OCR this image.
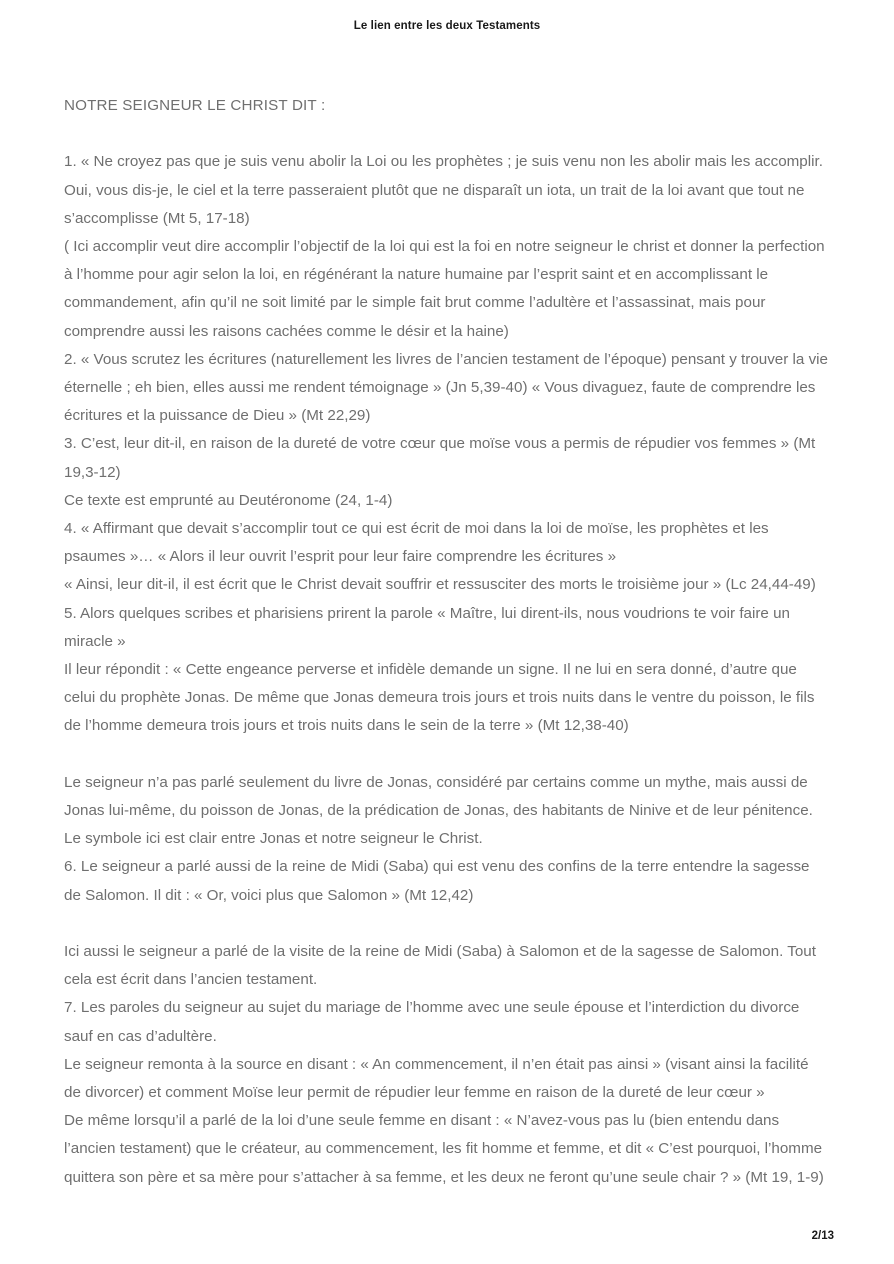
Le lien entre les deux Testaments

NOTRE SEIGNEUR LE CHRIST DIT :

1. « Ne croyez pas que je suis venu abolir la Loi ou les prophètes ; je suis venu non les abolir mais les accomplir. Oui, vous dis-je, le ciel et la terre passeraient plutôt que ne disparaît un iota, un trait de la loi avant que tout ne s’accomplisse (Mt 5, 17-18)

( Ici accomplir veut dire accomplir l’objectif de la loi qui est la foi en notre seigneur le christ et donner la perfection à l’homme pour agir selon la loi, en régénérant la nature humaine par l’esprit saint et en accomplissant le commandement, afin qu’il ne soit limité par le simple fait brut comme l’adultère et l’assassinat, mais pour comprendre aussi les raisons cachées comme le désir et la haine)

2. « Vous scrutez les écritures (naturellement les livres de l’ancien testament de l’époque) pensant y trouver la vie éternelle ; eh bien, elles aussi me rendent témoignage » (Jn 5,39-40) « Vous divaguez, faute de comprendre les écritures et la puissance de Dieu » (Mt 22,29)

3. C’est, leur dit-il, en raison de la dureté de votre cœur que moïse vous a permis de répudier vos femmes » (Mt 19,3-12)

Ce texte est emprunté au Deutéronome (24, 1-4)

4. « Affirmant que devait s’accomplir tout ce qui est écrit de moi dans la loi de moïse, les prophètes et les psaumes »… « Alors il leur ouvrit l’esprit pour leur faire comprendre les écritures »

« Ainsi, leur dit-il, il est écrit que le Christ devait souffrir et ressusciter des morts le troisième jour » (Lc 24,44-49)

5. Alors quelques scribes et pharisiens prirent la parole « Maître, lui dirent-ils, nous voudrions te voir faire un miracle »

Il leur répondit : « Cette engeance perverse et infidèle demande un signe. Il ne lui en sera donné, d’autre que celui du prophète Jonas. De même que Jonas demeura trois jours et trois nuits dans le ventre du poisson, le fils de l’homme demeura trois jours et trois nuits dans le sein de la terre » (Mt 12,38-40)

Le seigneur n’a pas parlé seulement du livre de Jonas, considéré par certains comme un mythe, mais aussi de Jonas lui-même, du poisson de Jonas, de la prédication de Jonas, des habitants de Ninive et de leur pénitence. Le symbole ici est clair entre Jonas et notre seigneur le Christ.

6. Le seigneur a parlé aussi de la reine de Midi (Saba) qui est venu des confins de la terre entendre la sagesse de Salomon. Il dit : « Or, voici plus que Salomon » (Mt 12,42)

Ici aussi le seigneur a parlé de la visite de la reine de Midi (Saba) à Salomon et de la sagesse de Salomon. Tout cela est écrit dans l’ancien testament.

7. Les paroles du seigneur au sujet du mariage de l’homme avec une seule épouse et l’interdiction du divorce sauf en cas d’adultère.

Le seigneur remonta à la source en disant : « An commencement, il n’en était pas ainsi » (visant ainsi la facilité de divorcer) et comment Moïse leur permit de répudier leur femme en raison de la dureté de leur cœur »

De même lorsqu’il a parlé de la loi d’une seule femme en disant : « N’avez-vous pas lu (bien entendu dans l’ancien testament) que le créateur, au commencement, les fit homme et femme, et dit « C’est pourquoi, l’homme quittera son père et sa mère pour s’attacher à sa femme, et les deux ne feront qu’une seule chair ? » (Mt 19, 1-9)

2/13
